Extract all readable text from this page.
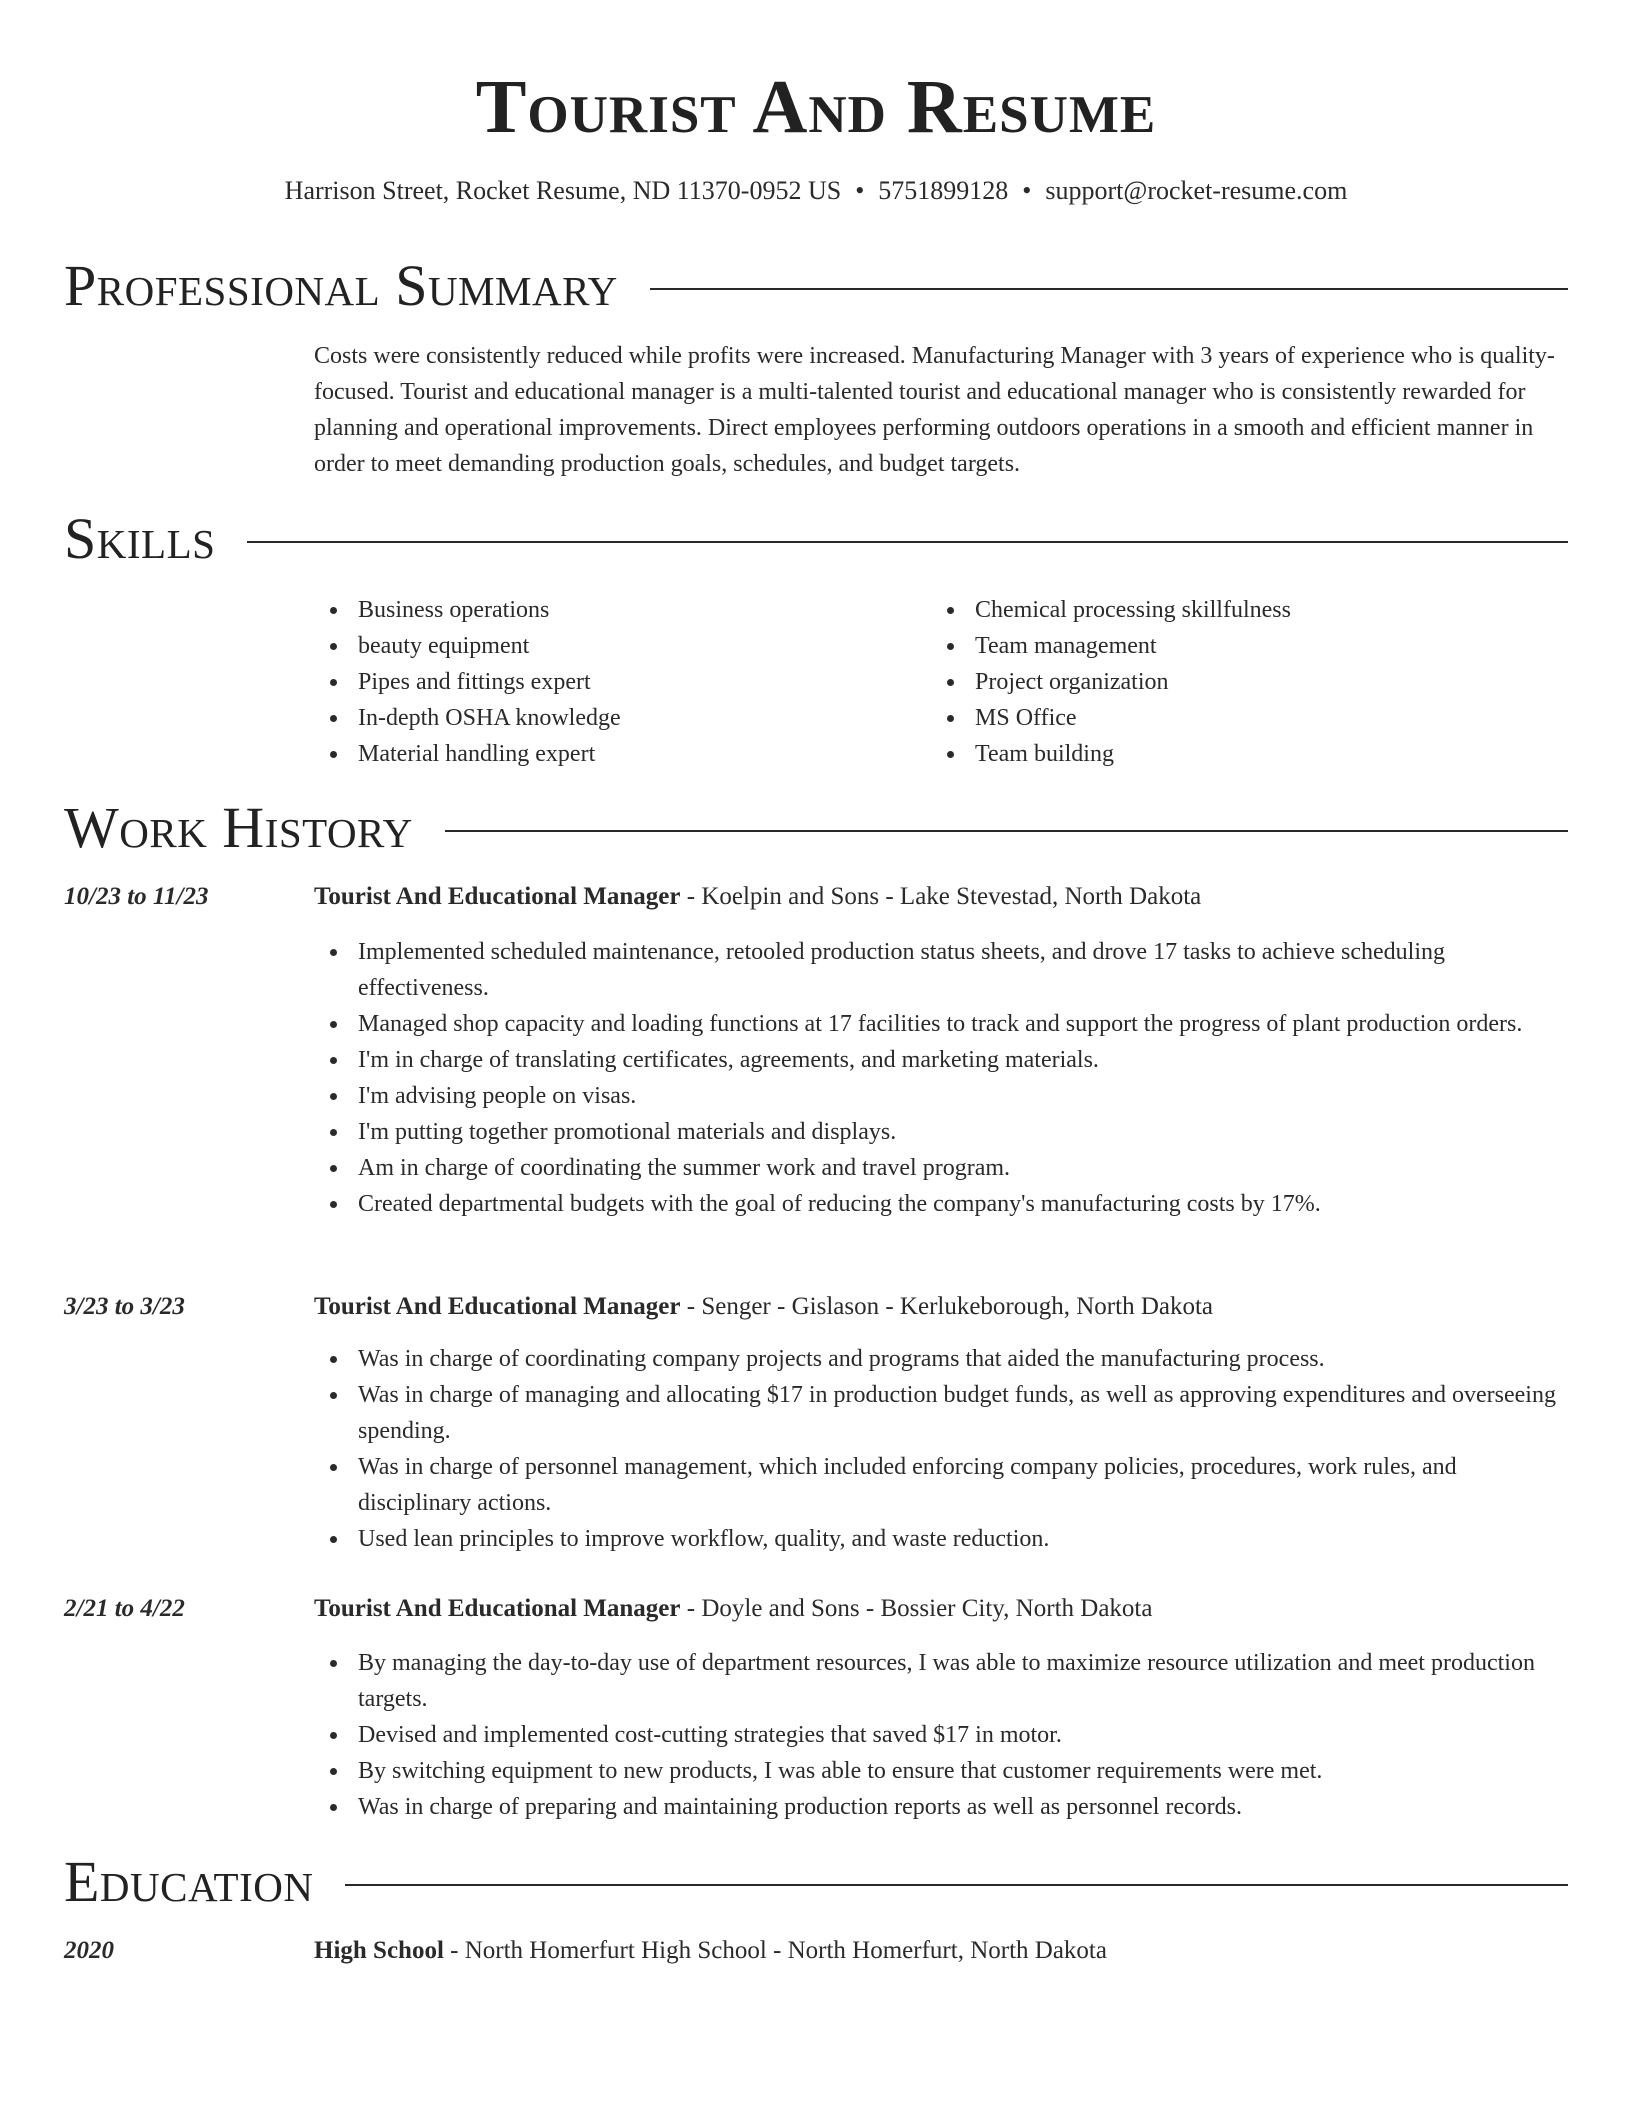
Tourist And Resume
Harrison Street, Rocket Resume, ND 11370-0952 US • 5751899128 • support@rocket-resume.com
Professional Summary

Costs were consistently reduced while profits were increased. Manufacturing Manager with 3 years of experience who is quality-focused. Tourist and educational manager is a multi-talented tourist and educational manager who is consistently rewarded for planning and operational improvements. Direct employees performing outdoors operations in a smooth and efficient manner in order to meet demanding production goals, schedules, and budget targets.

Skills
Business operations
beauty equipment
Pipes and fittings expert
In-depth OSHA knowledge
Material handling expert
Chemical processing skillfulness
Team management
Project organization
MS Office
Team building
Work History
10/23 to 11/23	Tourist And Educational Manager - Koelpin and Sons - Lake Stevestad, North Dakota
Implemented scheduled maintenance, retooled production status sheets, and drove 17 tasks to achieve scheduling effectiveness.
Managed shop capacity and loading functions at 17 facilities to track and support the progress of plant production orders.
I'm in charge of translating certificates, agreements, and marketing materials.
I'm advising people on visas.
I'm putting together promotional materials and displays.
Am in charge of coordinating the summer work and travel program.
Created departmental budgets with the goal of reducing the company's manufacturing costs by 17%.
3/23 to 3/23	Tourist And Educational Manager - Senger - Gislason - Kerlukeborough, North Dakota
Was in charge of coordinating company projects and programs that aided the manufacturing process.
Was in charge of managing and allocating $17 in production budget funds, as well as approving expenditures and overseeing spending.
Was in charge of personnel management, which included enforcing company policies, procedures, work rules, and disciplinary actions.
Used lean principles to improve workflow, quality, and waste reduction.
2/21 to 4/22	Tourist And Educational Manager - Doyle and Sons - Bossier City, North Dakota
By managing the day-to-day use of department resources, I was able to maximize resource utilization and meet production targets.
Devised and implemented cost-cutting strategies that saved $17 in motor.
By switching equipment to new products, I was able to ensure that customer requirements were met.
Was in charge of preparing and maintaining production reports as well as personnel records.
Education
2020	High School - North Homerfurt High School - North Homerfurt, North Dakota
